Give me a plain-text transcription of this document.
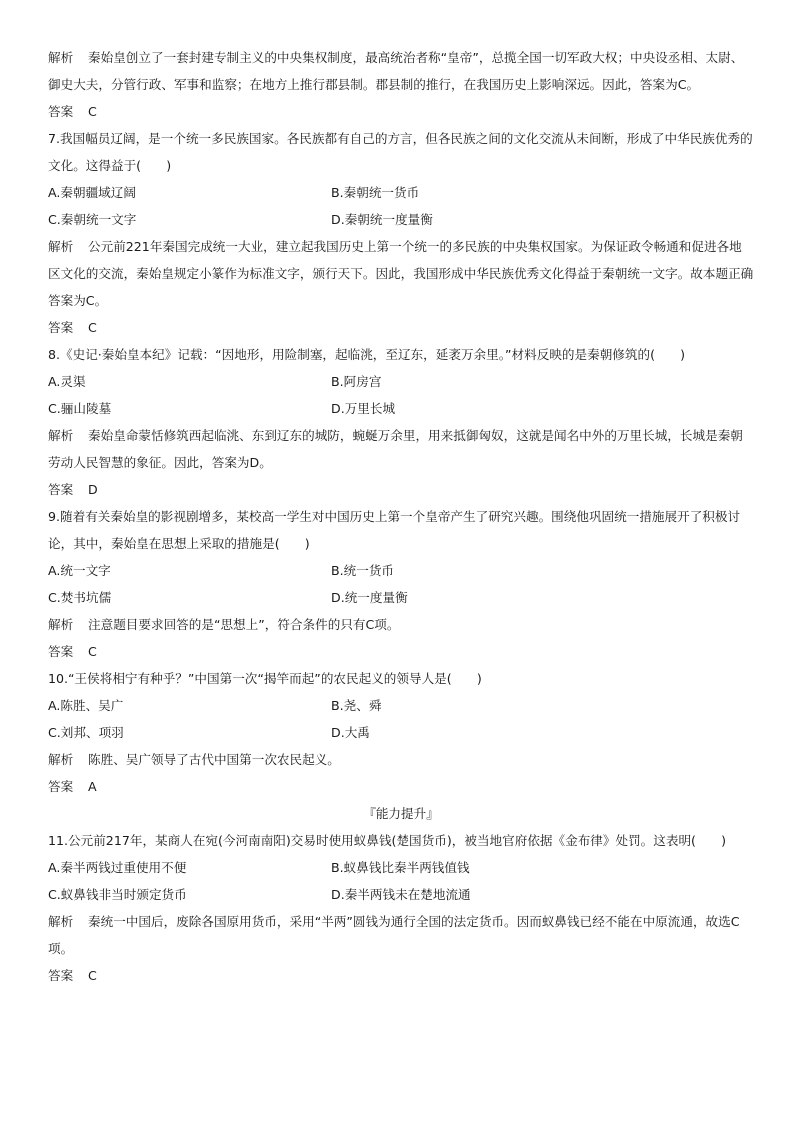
解析 秦始皇创立了一套封建专制主义的中央集权制度，最高统治者称“皇帝”，总揽全国一切军政大权；中央设丞相、太尉、御史大夫，分管行政、军事和监察；在地方上推行郡县制。郡县制的推行，在我国历史上影响深远。因此，答案为C。
答案 C
7.我国幅员辽阔，是一个统一多民族国家。各民族都有自己的方言，但各民族之间的文化交流从未间断，形成了中华民族优秀的文化。这得益于(　　)
A.秦朝疆域辽阔	B.秦朝统一货币
C.秦朝统一文字	D.秦朝统一度量衡
解析 公元前221年秦国完成统一大业，建立起我国历史上第一个统一的多民族的中央集权国家。为保证政令畅通和促进各地区文化的交流，秦始皇规定小篆作为标准文字，颁行天下。因此，我国形成中华民族优秀文化得益于秦朝统一文字。故本题正确答案为C。
答案 C
8.《史记·秦始皇本纪》记载：“因地形，用险制塞，起临洮，至辽东，延袤万余里。”材料反映的是秦朝修筑的(　　)
A.灵渠	B.阿房宫
C.骊山陵墓	D.万里长城
解析 秦始皇命蒙恬修筑西起临洮、东到辽东的城防，蜿蜒万余里，用来抵御匈奴，这就是闻名中外的万里长城，长城是秦朝劳动人民智慧的象征。因此，答案为D。
答案 D
9.随着有关秦始皇的影视剧增多，某校高一学生对中国历史上第一个皇帝产生了研究兴趣。围绕他巩固统一措施展开了积极讨论，其中，秦始皇在思想上采取的措施是(　　)
A.统一文字	B.统一货币
C.焚书坑儒	D.统一度量衡
解析 注意题目要求回答的是“思想上”，符合条件的只有C项。
答案 C
10.“王侯将相宁有种乎？”中国第一次“揭竿而起”的农民起义的领导人是(　　)
A.陈胜、吴广	B.尧、舜
C.刘邦、项羽	D.大禹
解析 陈胜、吴广领导了古代中国第一次农民起义。
答案 A
『能力提升』
11.公元前217年，某商人在宛(今河南南阳)交易时使用蚁鼻钱(楚国货币)，被当地官府依据《金布律》处罚。这表明(　　)
A.秦半两钱过重使用不便	B.蚁鼻钱比秦半两钱值钱
C.蚁鼻钱非当时颁定货币	D.秦半两钱未在楚地流通
解析 秦统一中国后，废除各国原用货币，采用“半两”圆钱为通行全国的法定货币。因而蚁鼻钱已经不能在中原流通，故选C项。
答案 C
